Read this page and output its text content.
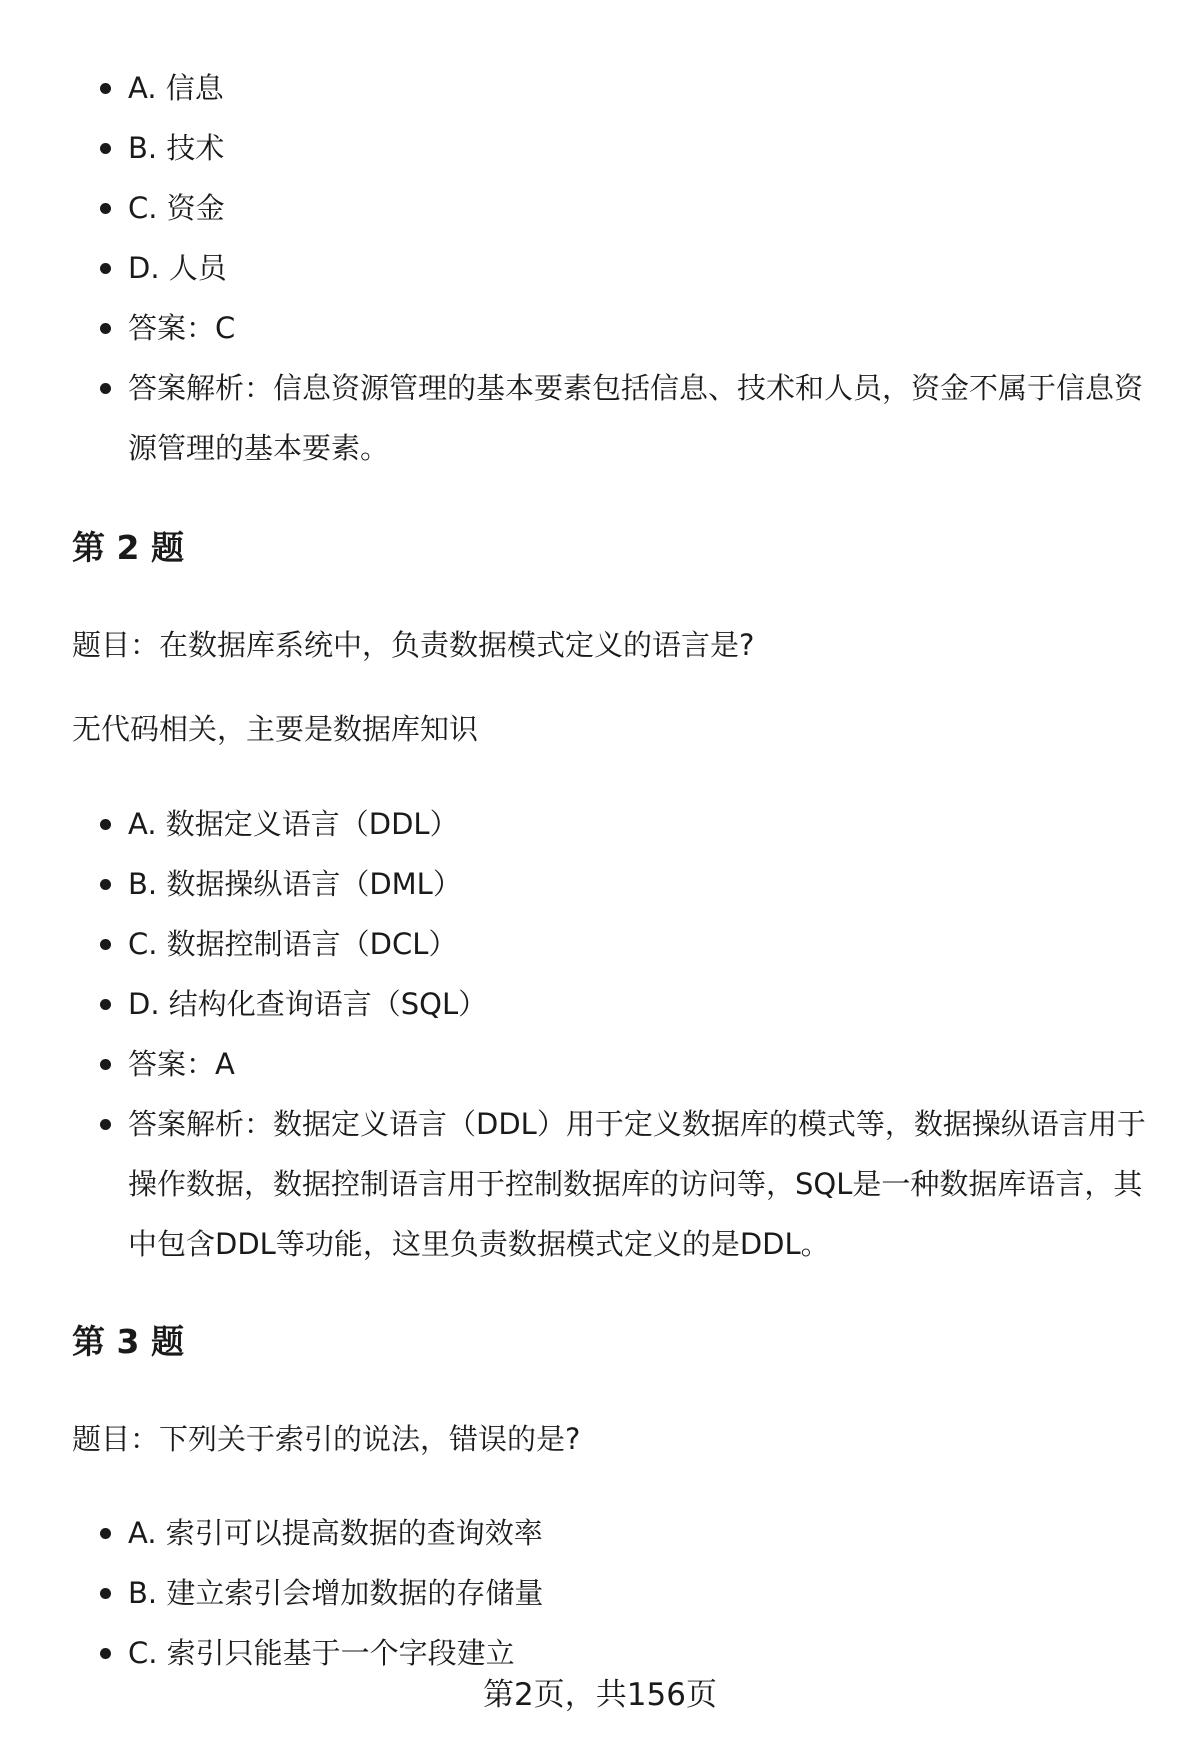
A. 信息
B. 技术
C. 资金
D. 人员
答案：C
答案解析：信息资源管理的基本要素包括信息、技术和人员，资金不属于信息资源管理的基本要素。
第 2 题

题目：在数据库系统中，负责数据模式定义的语言是?

无代码相关，主要是数据库知识

A. 数据定义语言（DDL）
B. 数据操纵语言（DML）
C. 数据控制语言（DCL）
D. 结构化查询语言（SQL）
答案：A
答案解析：数据定义语言（DDL）用于定义数据库的模式等，数据操纵语言用于操作数据，数据控制语言用于控制数据库的访问等，SQL是一种数据库语言，其中包含DDL等功能，这里负责数据模式定义的是DDL。
第 3 题

题目：下列关于索引的说法，错误的是?

A. 索引可以提高数据的查询效率
B. 建立索引会增加数据的存储量
C. 索引只能基于一个字段建立
第2页，共156页
